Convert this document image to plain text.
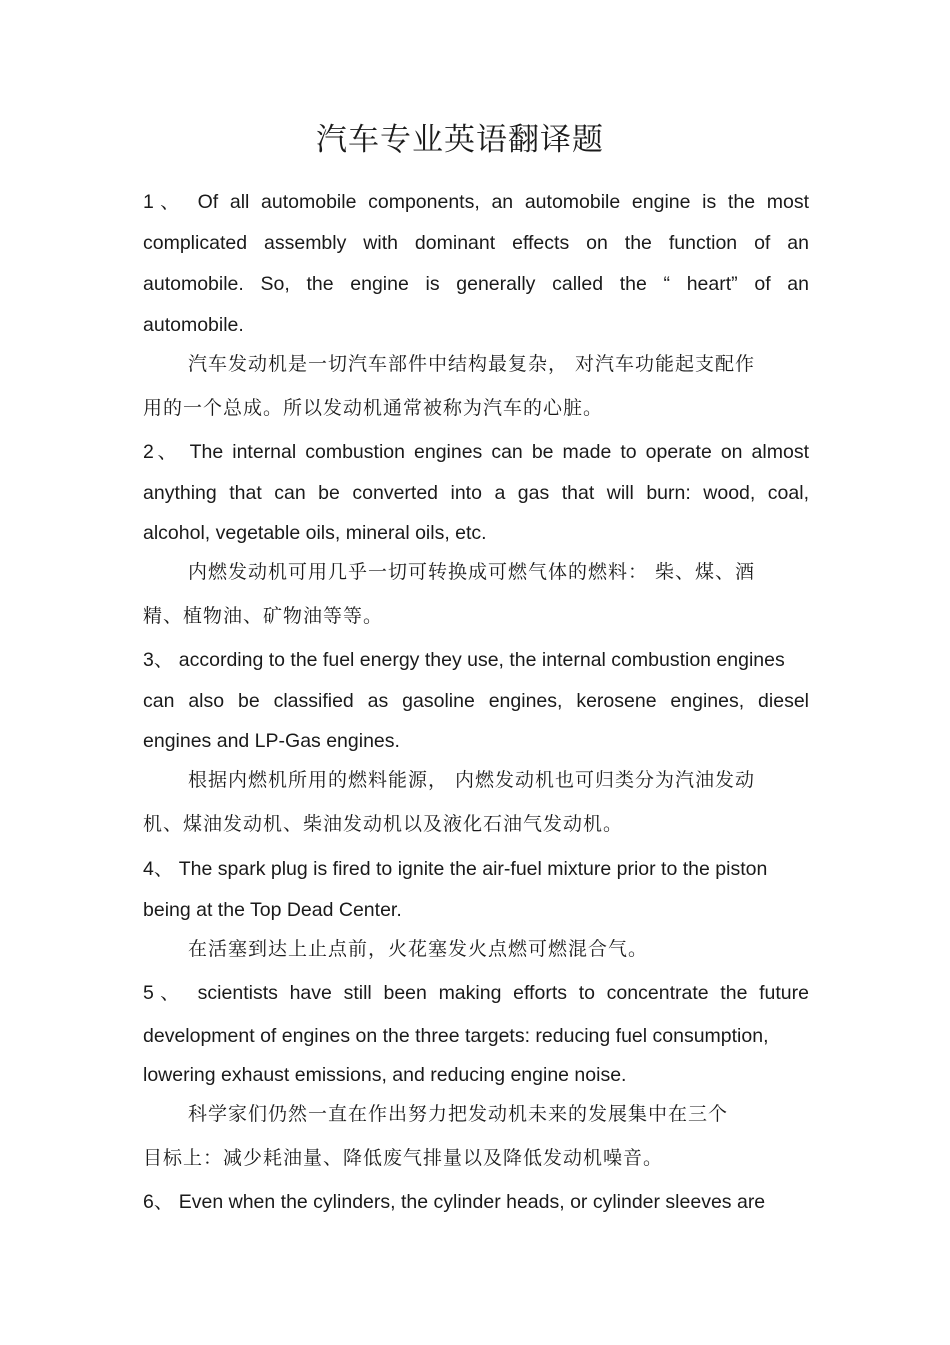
汽车专业英语翻译题
1、 Of all automobile components, an automobile engine is the most
complicated assembly with dominant effects on the function of an
automobile. So, the engine is generally called the “ heart” of an
automobile.
汽车发动机是一切汽车部件中结构最复杂， 对汽车功能起支配作
用的一个总成。所以发动机通常被称为汽车的心脏。
2、 The internal combustion engines can be made to operate on almost
anything that can be converted into a gas that will burn: wood, coal,
alcohol, vegetable oils, mineral oils, etc.
内燃发动机可用几乎一切可转换成可燃气体的燃料： 柴、煤、酒
精、植物油、矿物油等等。
3、 according to the fuel energy they use, the internal combustion engines
can also be classified as gasoline engines, kerosene engines, diesel
engines and LP-Gas engines.
根据内燃机所用的燃料能源， 内燃发动机也可归类分为汽油发动
机、煤油发动机、柴油发动机以及液化石油气发动机。
4、 The spark plug is fired to ignite the air-fuel mixture prior to the piston
being at the Top Dead Center.
在活塞到达上止点前，火花塞发火点燃可燃混合气。
5、 scientists have still been making efforts to concentrate the future
development of engines on the three targets: reducing fuel consumption,
lowering exhaust emissions, and reducing engine noise.
科学家们仍然一直在作出努力把发动机未来的发展集中在三个
目标上：减少耗油量、降低废气排量以及降低发动机噪音。
6、 Even when the cylinders, the cylinder heads, or cylinder sleeves are
